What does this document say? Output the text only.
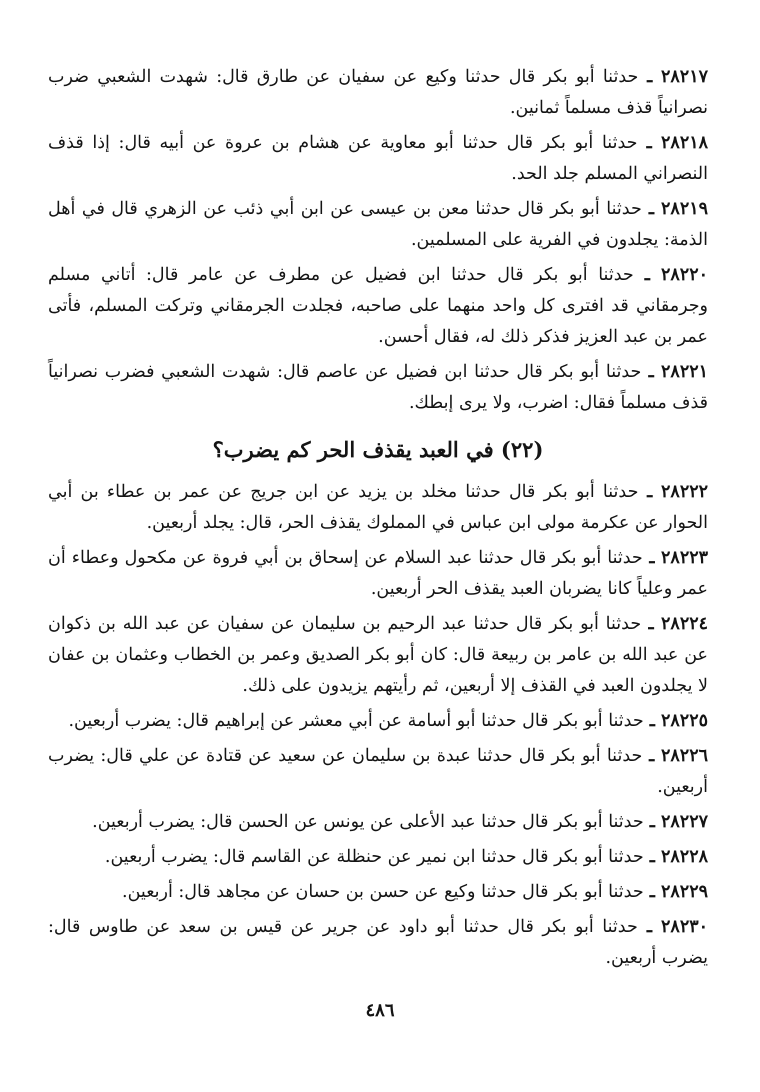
٢٨٢١٧ ـ حدثنا أبو بكر قال حدثنا وكيع عن سفيان عن طارق قال: شهدت الشعبي ضرب نصرانياً قذف مسلماً ثمانين.

٢٨٢١٨ ـ حدثنا أبو بكر قال حدثنا أبو معاوية عن هشام بن عروة عن أبيه قال: إذا قذف النصراني المسلم جلد الحد.

٢٨٢١٩ ـ حدثنا أبو بكر قال حدثنا معن بن عيسى عن ابن أبي ذئب عن الزهري قال في أهل الذمة: يجلدون في الفرية على المسلمين.

٢٨٢٢٠ ـ حدثنا أبو بكر قال حدثنا ابن فضيل عن مطرف عن عامر قال: أتاني مسلم وجرمقاني قد افترى كل واحد منهما على صاحبه، فجلدت الجرمقاني وتركت المسلم، فأتى عمر بن عبد العزيز فذكر ذلك له، فقال أحسن.

٢٨٢٢١ ـ حدثنا أبو بكر قال حدثنا ابن فضيل عن عاصم قال: شهدت الشعبي فضرب نصرانياً قذف مسلماً فقال: اضرب، ولا يرى إبطك.

(٢٢) في العبد يقذف الحر كم يضرب؟

٢٨٢٢٢ ـ حدثنا أبو بكر قال حدثنا مخلد بن يزيد عن ابن جريج عن عمر بن عطاء بن أبي الحوار عن عكرمة مولى ابن عباس في المملوك يقذف الحر، قال: يجلد أربعين.

٢٨٢٢٣ ـ حدثنا أبو بكر قال حدثنا عبد السلام عن إسحاق بن أبي فروة عن مكحول وعطاء أن عمر وعلياً كانا يضربان العبد يقذف الحر أربعين.

٢٨٢٢٤ ـ حدثنا أبو بكر قال حدثنا عبد الرحيم بن سليمان عن سفيان عن عبد الله بن ذكوان عن عبد الله بن عامر بن ربيعة قال: كان أبو بكر الصديق وعمر بن الخطاب وعثمان بن عفان لا يجلدون العبد في القذف إلا أربعين، ثم رأيتهم يزيدون على ذلك.

٢٨٢٢٥ ـ حدثنا أبو بكر قال حدثنا أبو أسامة عن أبي معشر عن إبراهيم قال: يضرب أربعين.

٢٨٢٢٦ ـ حدثنا أبو بكر قال حدثنا عبدة بن سليمان عن سعيد عن قتادة عن علي قال: يضرب أربعين.

٢٨٢٢٧ ـ حدثنا أبو بكر قال حدثنا عبد الأعلى عن يونس عن الحسن قال: يضرب أربعين.

٢٨٢٢٨ ـ حدثنا أبو بكر قال حدثنا ابن نمير عن حنظلة عن القاسم قال: يضرب أربعين.

٢٨٢٢٩ ـ حدثنا أبو بكر قال حدثنا وكيع عن حسن بن حسان عن مجاهد قال: أربعين.

٢٨٢٣٠ ـ حدثنا أبو بكر قال حدثنا أبو داود عن جرير عن قيس بن سعد عن طاوس قال: يضرب أربعين.

٤٨٦
